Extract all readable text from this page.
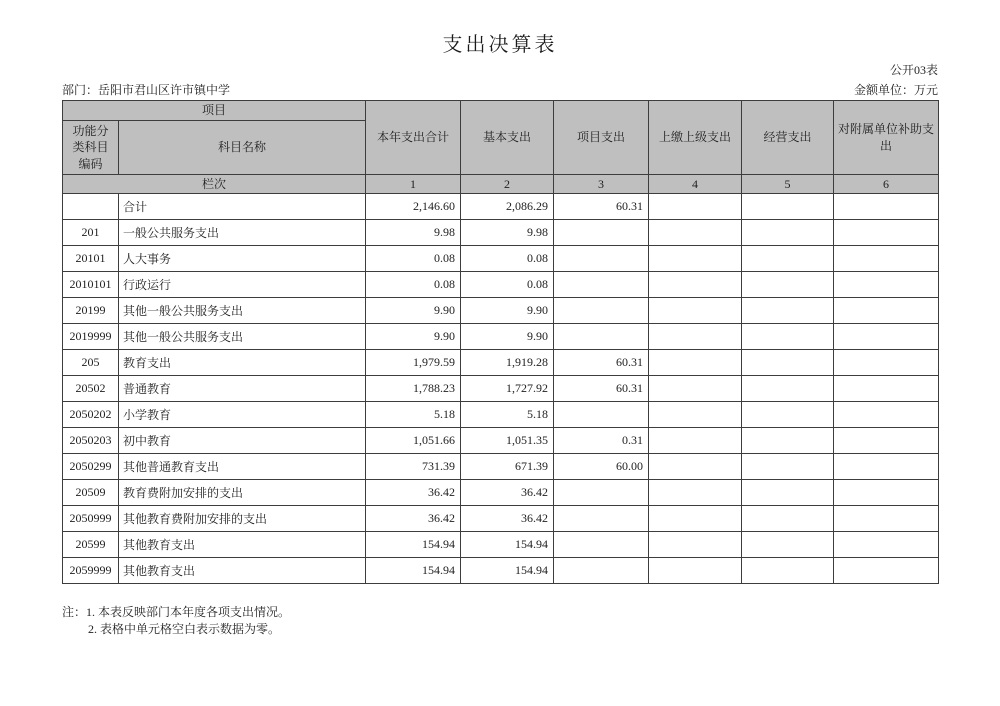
支出决算表
公开03表
部门：岳阳市君山区许市镇中学	金额单位：万元
项目		本年支出合计	基本支出	项目支出	上缴上级支出	经营支出	对附属单位补助支出
功能分类科目编码	科目名称						
栏次		1	2	3	4	5	6
	合计	2,146.60	2,086.29	60.31			
201	一般公共服务支出	9.98	9.98				
20101	人大事务	0.08	0.08				
2010101	行政运行	0.08	0.08				
20199	其他一般公共服务支出	9.90	9.90				
2019999	其他一般公共服务支出	9.90	9.90				
205	教育支出	1,979.59	1,919.28	60.31			
20502	普通教育	1,788.23	1,727.92	60.31			
2050202	小学教育	5.18	5.18				
2050203	初中教育	1,051.66	1,051.35	0.31			
2050299	其他普通教育支出	731.39	671.39	60.00			
20509	教育费附加安排的支出	36.42	36.42				
2050999	其他教育费附加安排的支出	36.42	36.42				
20599	其他教育支出	154.94	154.94				
2059999	其他教育支出	154.94	154.94				
注：1. 本表反映部门本年度各项支出情况。
2. 表格中单元格空白表示数据为零。
